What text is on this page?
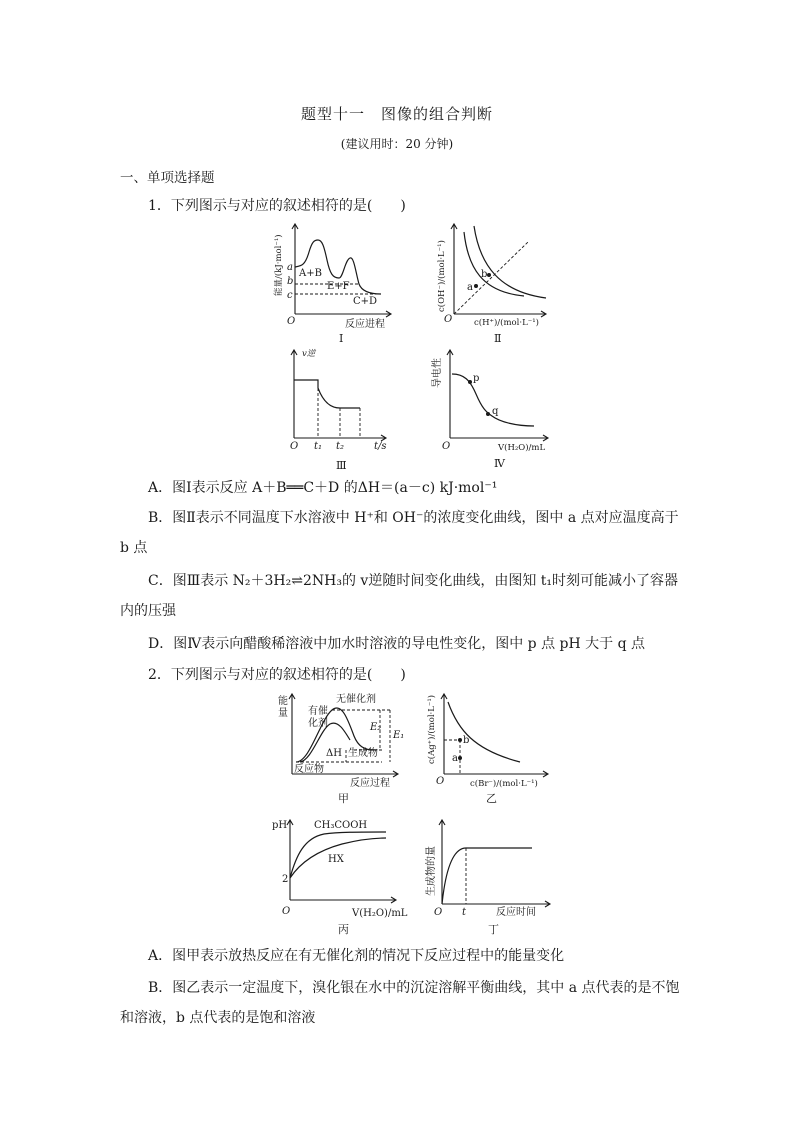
题型十一　图像的组合判断
(建议用时：20 分钟)
一、单项选择题
1．下列图示与对应的叙述相符的是(　　)
能量/(kJ·mol⁻¹) a
b
c
A+B
E+F
C+D
O	反应进程
Ⅰ
c(OH⁻)/(mol·L⁻¹) a
b
O	c(H⁺)/(mol·L⁻¹)
Ⅱ
v逆
O t₁ t₂	t/s
Ⅲ
导电性	p
q
O	V(H₂O)/mL
Ⅳ
A．图Ⅰ表示反应 A＋B══C＋D 的ΔH＝(a－c) kJ·mol⁻¹
B．图Ⅱ表示不同温度下水溶液中 H⁺和 OH⁻的浓度变化曲线，图中 a 点对应温度高于
b 点
C．图Ⅲ表示 N₂＋3H₂⇌2NH₃的 v逆随时间变化曲线，由图知 t₁时刻可能减小了容器
内的压强
D．图Ⅳ表示向醋酸稀溶液中加水时溶液的导电性变化，图中 p 点 pH 大于 q 点
2．下列图示与对应的叙述相符的是(　　)
能
量
无催化剂
有催
化剂	E₂
E₁
ΔH 生成物
反应物
反应过程
甲
c(Ag⁺)/(mol·L⁻¹)	b
a
O	c(Br⁻)/(mol·L⁻¹)
乙
pH	CH₃COOH
HX
2
O	V(H₂O)/mL
丙
生成物的量
t	反应时间
O
丁
A．图甲表示放热反应在有无催化剂的情况下反应过程中的能量变化
B．图乙表示一定温度下，溴化银在水中的沉淀溶解平衡曲线，其中 a 点代表的是不饱
和溶液，b 点代表的是饱和溶液
